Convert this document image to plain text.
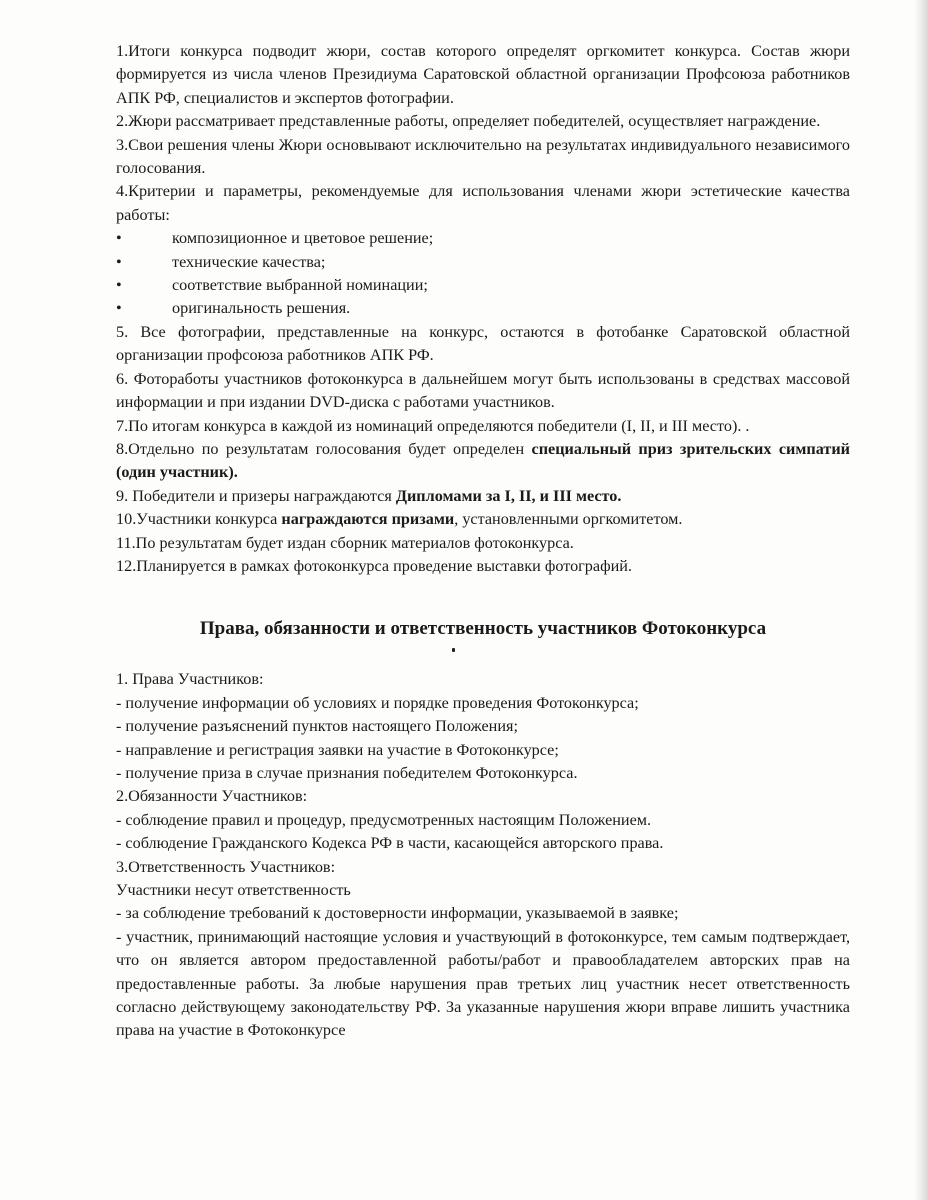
1.Итоги конкурса подводит жюри, состав которого определят оргкомитет конкурса. Состав жюри формируется из числа членов Президиума Саратовской областной организации Профсоюза работников АПК РФ, специалистов и экспертов фотографии.

2.Жюри рассматривает представленные работы, определяет победителей, осуществляет награждение.

3.Свои решения члены Жюри основывают исключительно на результатах индивидуального независимого голосования.

4.Критерии и параметры, рекомендуемые для использования членами жюри эстетические качества работы:

•	композиционное и цветовое решение;
•	технические качества;
•	соответствие выбранной номинации;
•	оригинальность решения.

5. Все фотографии, представленные на конкурс, остаются в фотобанке Саратовской областной организации профсоюза работников АПК РФ.

6. Фотоработы участников фотоконкурса в дальнейшем могут быть использованы в средствах массовой информации и при издании DVD-диска с работами участников.

7.По итогам конкурса в каждой из номинаций определяются победители (I, II, и III место). .

8.Отдельно по результатам голосования будет определен специальный приз зрительских симпатий (один участник).

9. Победители и призеры награждаются Дипломами за I, II, и III место.

10.Участники конкурса награждаются призами, установленными оргкомитетом.

11.По результатам будет издан сборник материалов фотоконкурса.

12.Планируется в рамках фотоконкурса проведение выставки фотографий.

Права, обязанности и ответственность участников Фотоконкурса

1. Права Участников:

- получение информации об условиях и порядке проведения Фотоконкурса;

- получение разъяснений пунктов настоящего Положения;

- направление и регистрация заявки на участие в Фотоконкурсе;

- получение приза в случае признания победителем Фотоконкурса.

2.Обязанности Участников:

- соблюдение правил и процедур, предусмотренных настоящим Положением.

- соблюдение Гражданского Кодекса РФ в части, касающейся авторского права.

3.Ответственность Участников:

Участники несут ответственность

- за соблюдение требований к достоверности информации, указываемой в заявке;

- участник, принимающий настоящие условия и участвующий в фотоконкурсе, тем самым подтверждает, что он является автором предоставленной работы/работ и правообладателем авторских прав на предоставленные работы. За любые нарушения прав третьих лиц участник несет ответственность согласно действующему законодательству РФ. За указанные нарушения жюри вправе лишить участника права на участие в Фотоконкурсе
